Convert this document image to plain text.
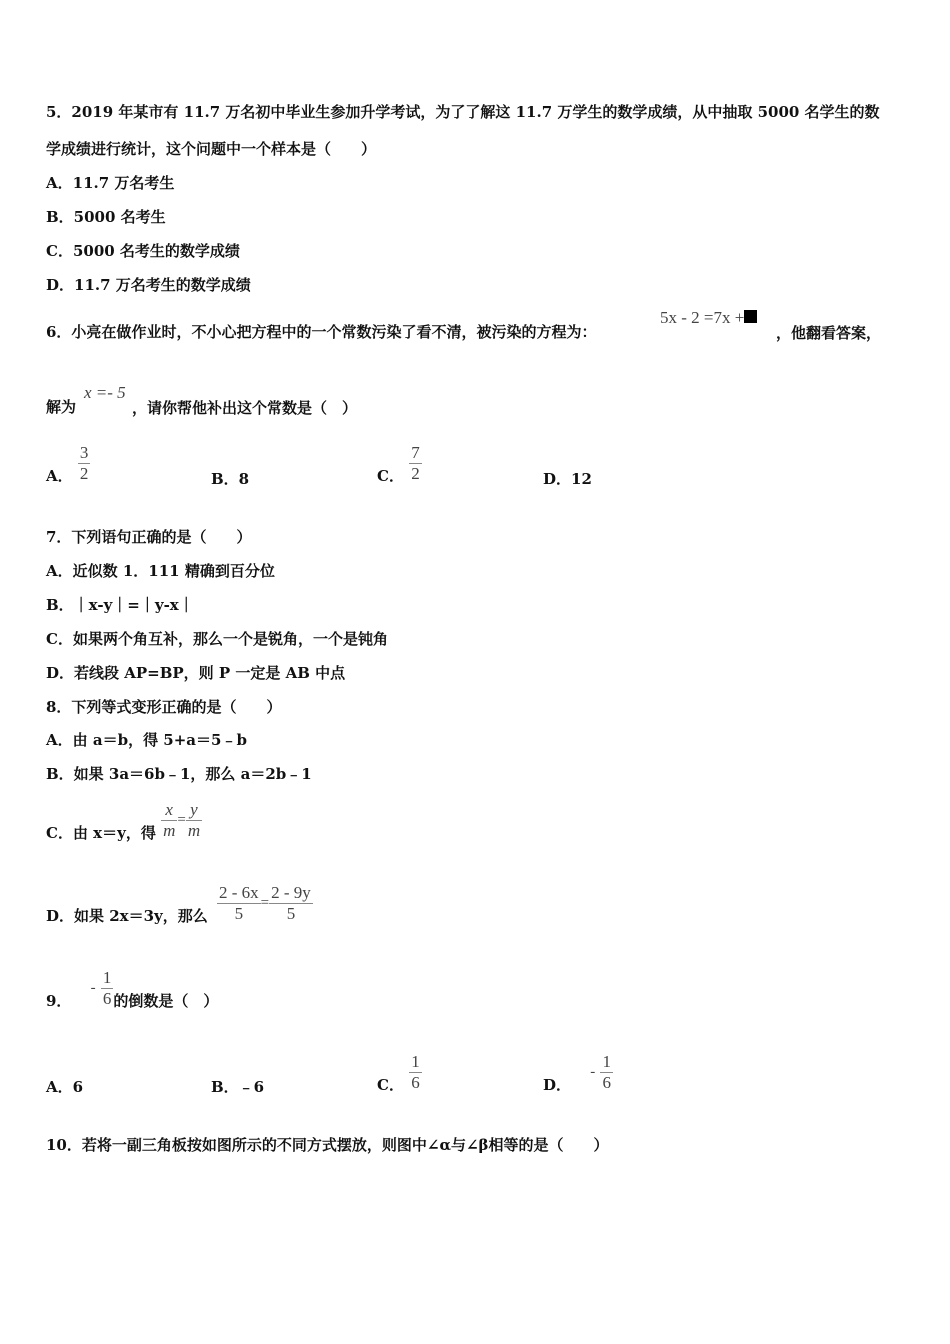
5．2019 年某市有 11.7 万名初中毕业生参加升学考试，为了了解这 11.7 万学生的数学成绩，从中抽取 5000 名学生的数
学成绩进行统计，这个问题中一个样本是（　　）
A．11.7 万名考生
B．5000 名考生
C．5000 名考生的数学成绩
D．11.7 万名考生的数学成绩
6．小亮在做作业时，不小心把方程中的一个常数污染了看不清，被污染的方程为：
5x - 2 =7x +
，他翻看答案，
解为
x =- 5
，请你帮他补出这个常数是（　）
A． $\frac{3}{2}$	B．8	C． $\frac{7}{2}$	D．12
7．下列语句正确的是（　　）
A．近似数 1．111 精确到百分位
B．｜x-y｜=｜y-x｜
C．如果两个角互补，那么一个是锐角，一个是钝角
D．若线段 AP=BP，则 P 一定是 AB 中点
8．下列等式变形正确的是（　　）
A．由 a＝b，得 5+a＝5﹣b
B．如果 3a＝6b﹣1，那么 a＝2b﹣1
C．由 x＝y，得 $\frac{x}{m} = \frac{y}{m}$
D．如果 2x＝3y，那么 $\frac{2 - 6x}{5} = \frac{2 - 9y}{5}$
9． - $\frac{1}{6}$ 的倒数是（　）
A．6	B．﹣6	C． $\frac{1}{6}$	D． - $\frac{1}{6}$
10．若将一副三角板按如图所示的不同方式摆放，则图中∠α与∠β相等的是（　　）
